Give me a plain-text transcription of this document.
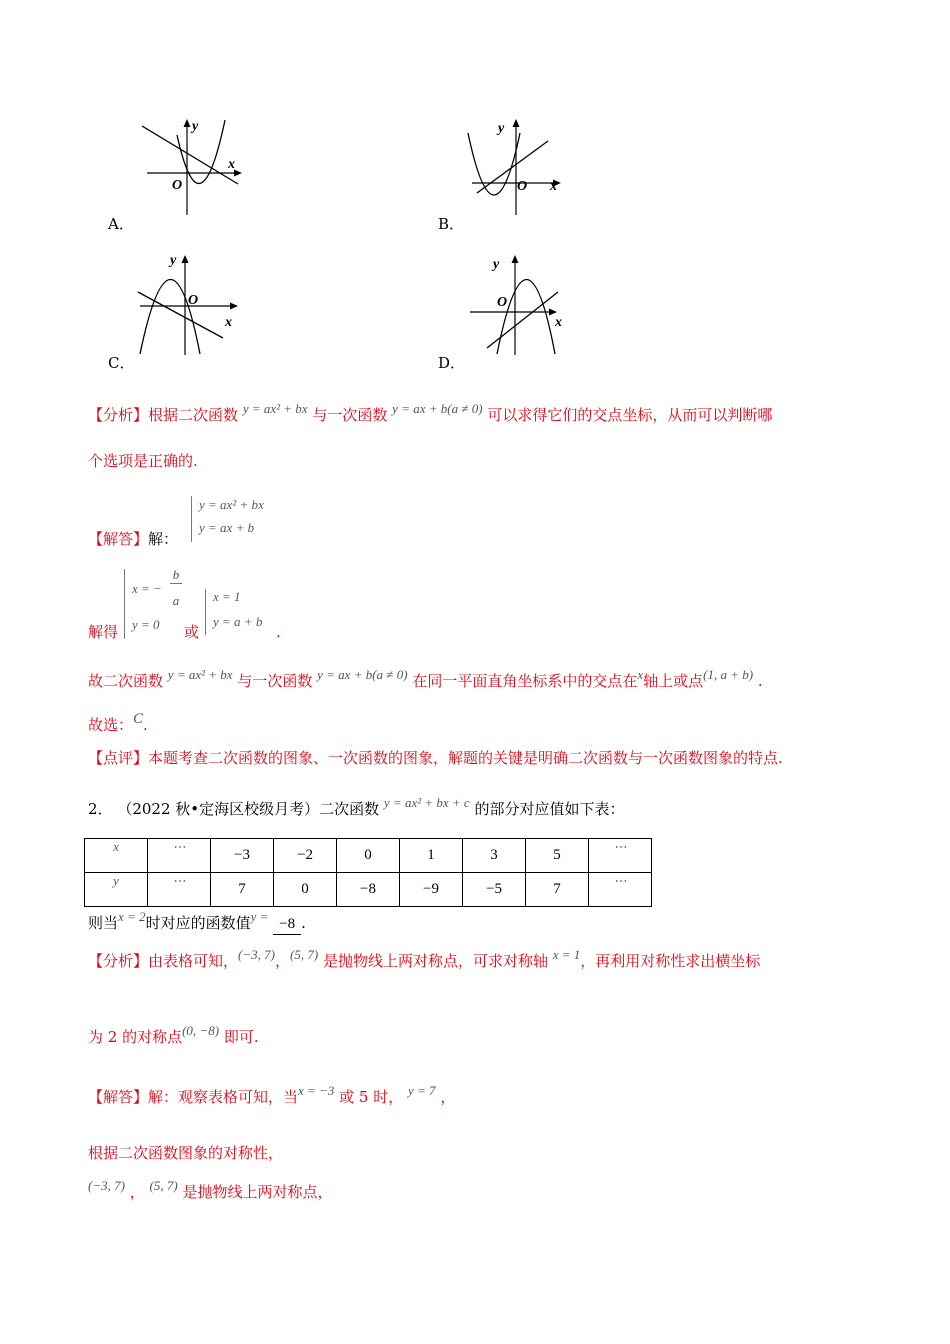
y
x
O
A．
y
x
O
B．
y
x
O
C．
y
x
O
D．
【分析】根据二次函数 y = ax² + bx 与一次函数 y = ax + b(a ≠ 0) 可以求得它们的交点坐标，从而可以判断哪
个选项是正确的.
【解答】解：
y = ax² + bx
y = ax + b
解得
x = −
b
a
y = 0 或
x = 1
y = a + b
.
故二次函数 y = ax² + bx 与一次函数 y = ax + b(a ≠ 0) 在同一平面直角坐标系中的交点在x轴上或点(1, a + b) .
故选：C.
【点评】本题考查二次函数的图象、一次函数的图象，解题的关键是明确二次函数与一次函数图象的特点.
2． （2022 秋•定海区校级月考）二次函数 y = ax² + bx + c 的部分对应值如下表：
x	⋯	−3	−2	0	1	3	5	⋯
y	⋯	7	0	−8	−9	−5	7	⋯
则当x = 2时对应的函数值y = −8 .
【分析】由表格可知，(−3, 7)，(5, 7) 是抛物线上两对称点，可求对称轴 x = 1，再利用对称性求出横坐标
为 2 的对称点(0, −8) 即可.
【解答】解：观察表格可知，当x = −3 或 5 时， y = 7 ，
根据二次函数图象的对称性，
(−3, 7) ， (5, 7) 是抛物线上两对称点，
